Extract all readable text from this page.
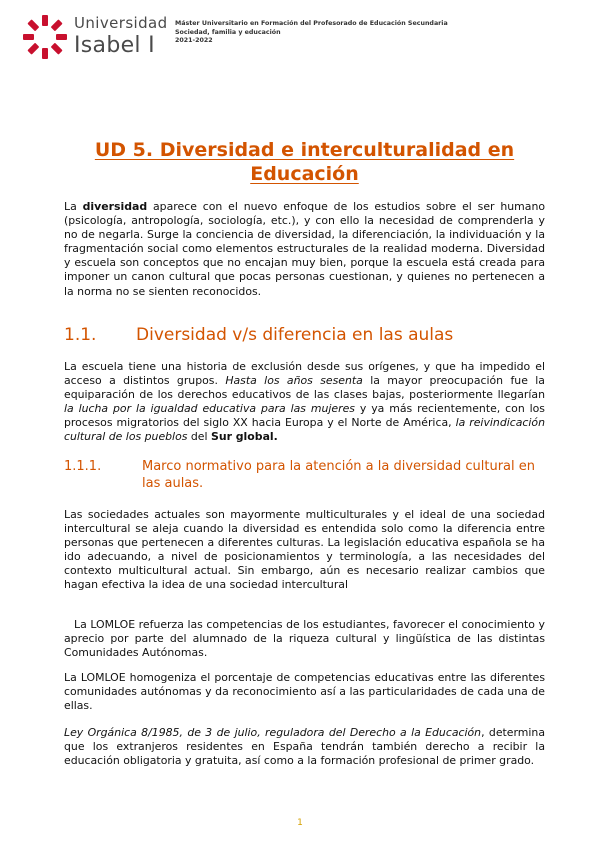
Universidad
Isabel I
Máster Universitario en Formación del Profesorado de Educación Secundaria
Sociedad, familia y educación
2021-2022
UD 5. Diversidad e interculturalidad en Educación

La diversidad aparece con el nuevo enfoque de los estudios sobre el ser humano (psicología, antropología, sociología, etc.), y con ello la necesidad de comprenderla y no de negarla. Surge la conciencia de diversidad, la diferenciación, la individuación y la fragmentación social como elementos estructurales de la realidad moderna. Diversidad y escuela son conceptos que no encajan muy bien, porque la escuela está creada para imponer un canon cultural que pocas personas cuestionan, y quienes no pertenecen a la norma no se sienten reconocidos.

1.1. Diversidad v/s diferencia en las aulas

La escuela tiene una historia de exclusión desde sus orígenes, y que ha impedido el acceso a distintos grupos. Hasta los años sesenta la mayor preocupación fue la equiparación de los derechos educativos de las clases bajas, posteriormente llegarían la lucha por la igualdad educativa para las mujeres y ya más recientemente, con los procesos migratorios del siglo XX hacia Europa y el Norte de América, la reivindicación cultural de los pueblos del Sur global.

1.1.1.	Marco normativo para la atención a la diversidad cultural en las aulas.

Las sociedades actuales son mayormente multiculturales y el ideal de una sociedad intercultural se aleja cuando la diversidad es entendida solo como la diferencia entre personas que pertenecen a diferentes culturas. La legislación educativa española se ha ido adecuando, a nivel de posicionamientos y terminología, a las necesidades del contexto multicultural actual. Sin embargo, aún es necesario realizar cambios que hagan efectiva la idea de una sociedad intercultural

La LOMLOE refuerza las competencias de los estudiantes, favorecer el conocimiento y aprecio por parte del alumnado de la riqueza cultural y lingüística de las distintas Comunidades Autónomas.

La LOMLOE homogeniza el porcentaje de competencias educativas entre las diferentes comunidades autónomas y da reconocimiento así a las particularidades de cada una de ellas.

Ley Orgánica 8/1985, de 3 de julio, reguladora del Derecho a la Educación, determina que los extranjeros residentes en España tendrán también derecho a recibir la educación obligatoria y gratuita, así como a la formación profesional de primer grado.

1
